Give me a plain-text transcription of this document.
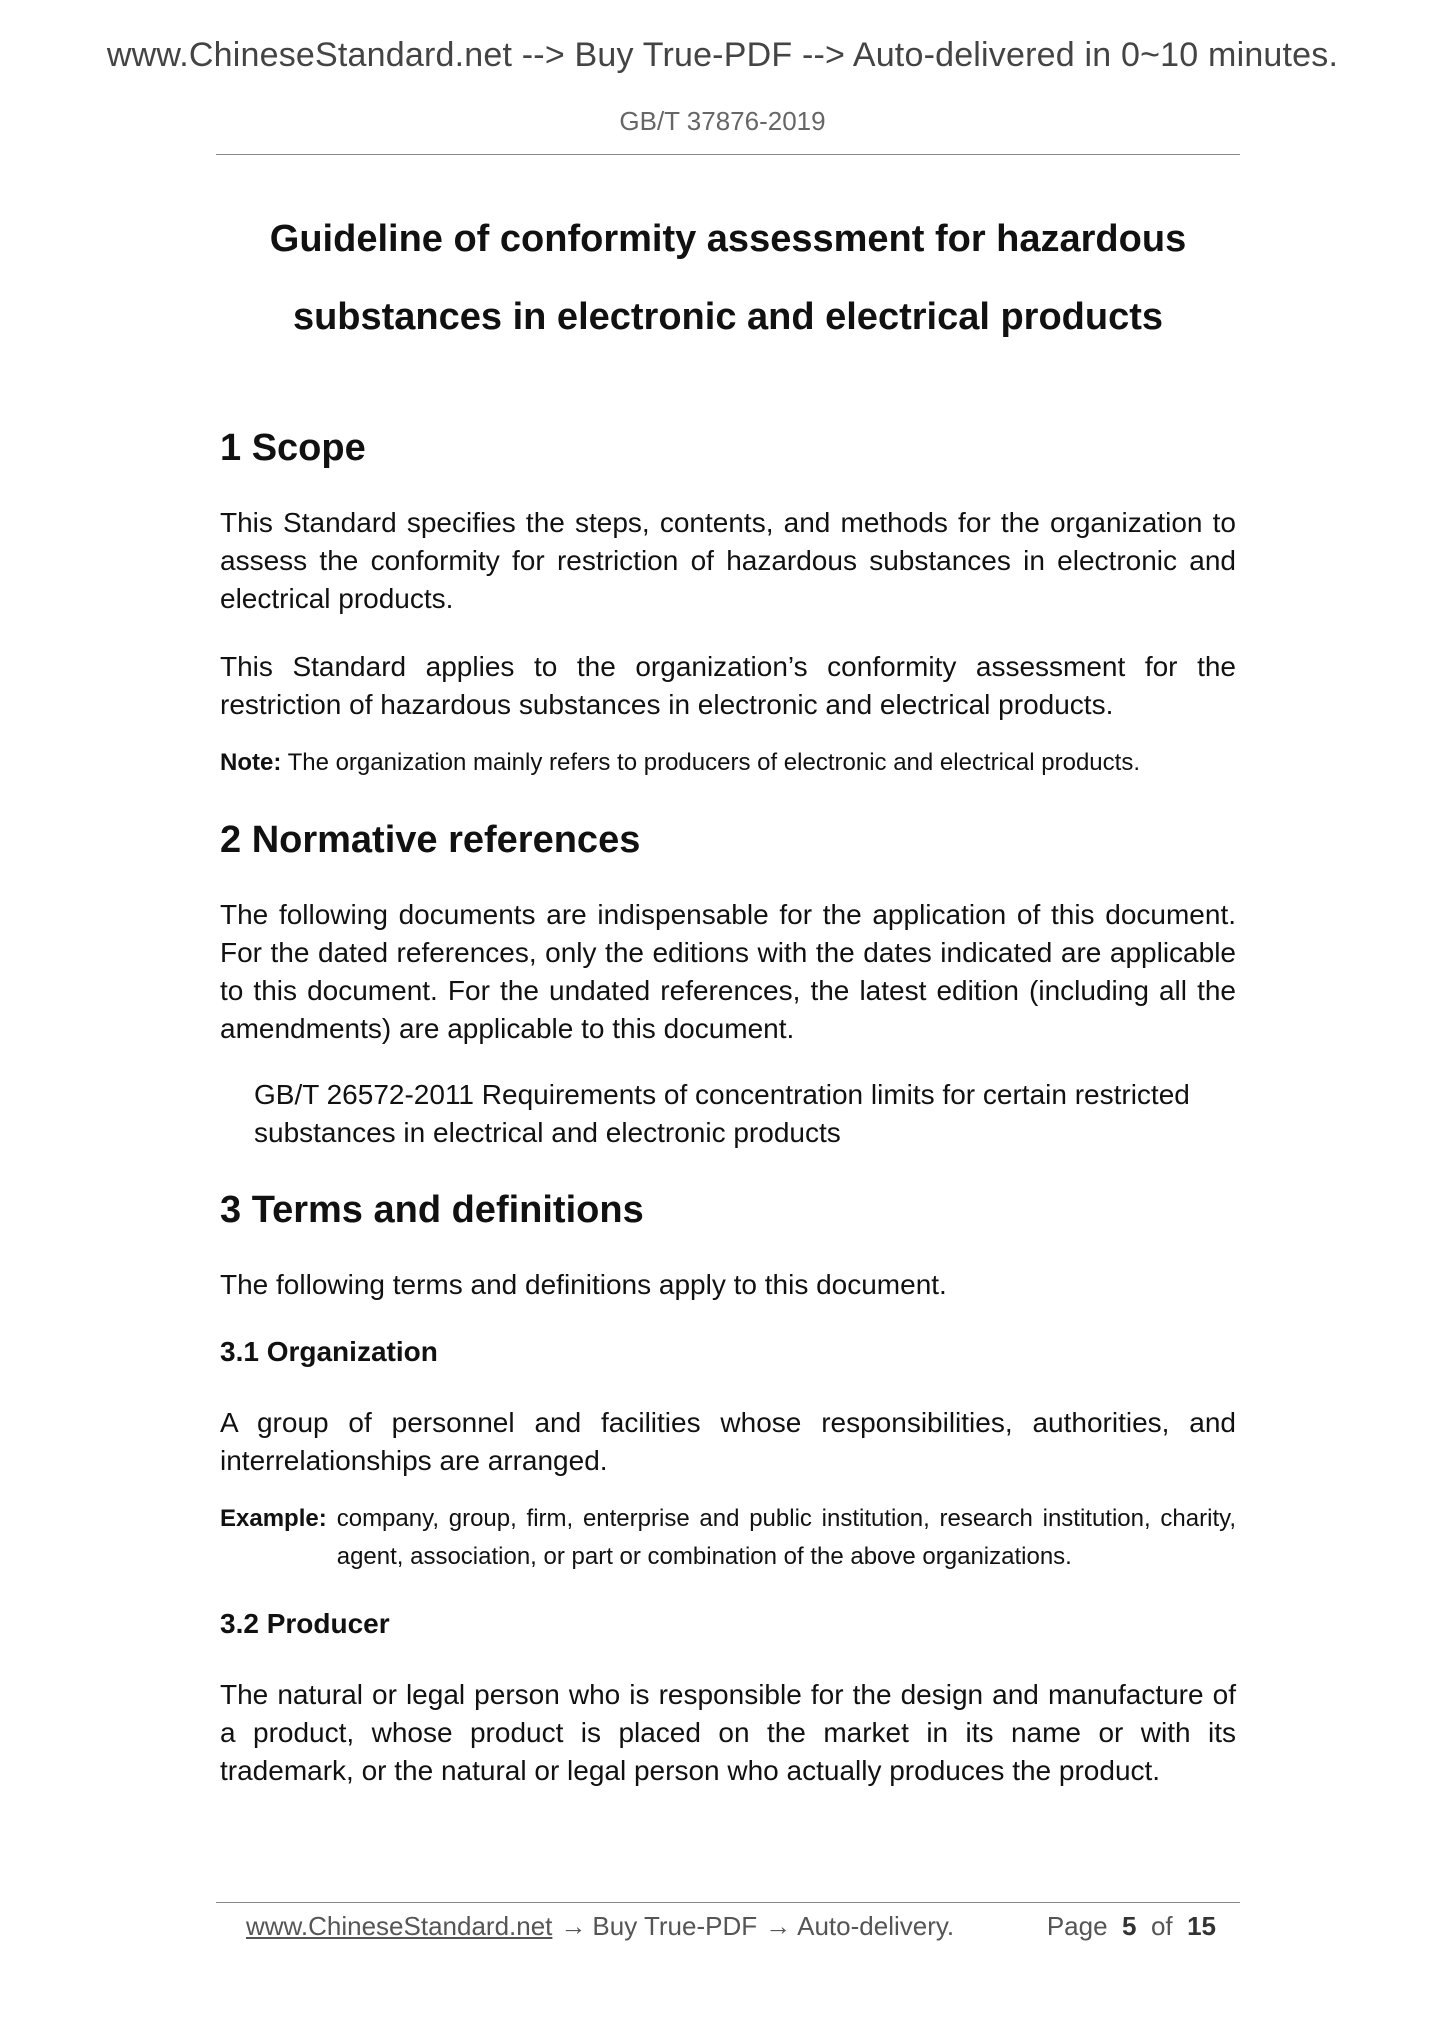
www.ChineseStandard.net --> Buy True-PDF --> Auto-delivered in 0~10 minutes.
GB/T 37876-2019
Guideline of conformity assessment for hazardous
substances in electronic and electrical products
1 Scope

This Standard specifies the steps, contents, and methods for the organization to assess the conformity for restriction of hazardous substances in electronic and electrical products.

This Standard applies to the organization’s conformity assessment for the restriction of hazardous substances in electronic and electrical products.

Note: The organization mainly refers to producers of electronic and electrical products.

2 Normative references

The following documents are indispensable for the application of this document. For the dated references, only the editions with the dates indicated are applicable to this document. For the undated references, the latest edition (including all the amendments) are applicable to this document.

GB/T 26572-2011 Requirements of concentration limits for certain restricted substances in electrical and electronic products

3 Terms and definitions

The following terms and definitions apply to this document.

3.1 Organization

A group of personnel and facilities whose responsibilities, authorities, and interrelationships are arranged.

Example: company, group, firm, enterprise and public institution, research institution, charity, agent, association, or part or combination of the above organizations.
3.2 Producer

The natural or legal person who is responsible for the design and manufacture of a product, whose product is placed on the market in its name or with its trademark, or the natural or legal person who actually produces the product.

www.ChineseStandard.net → Buy True-PDF → Auto-delivery.	Page 5 of 15
